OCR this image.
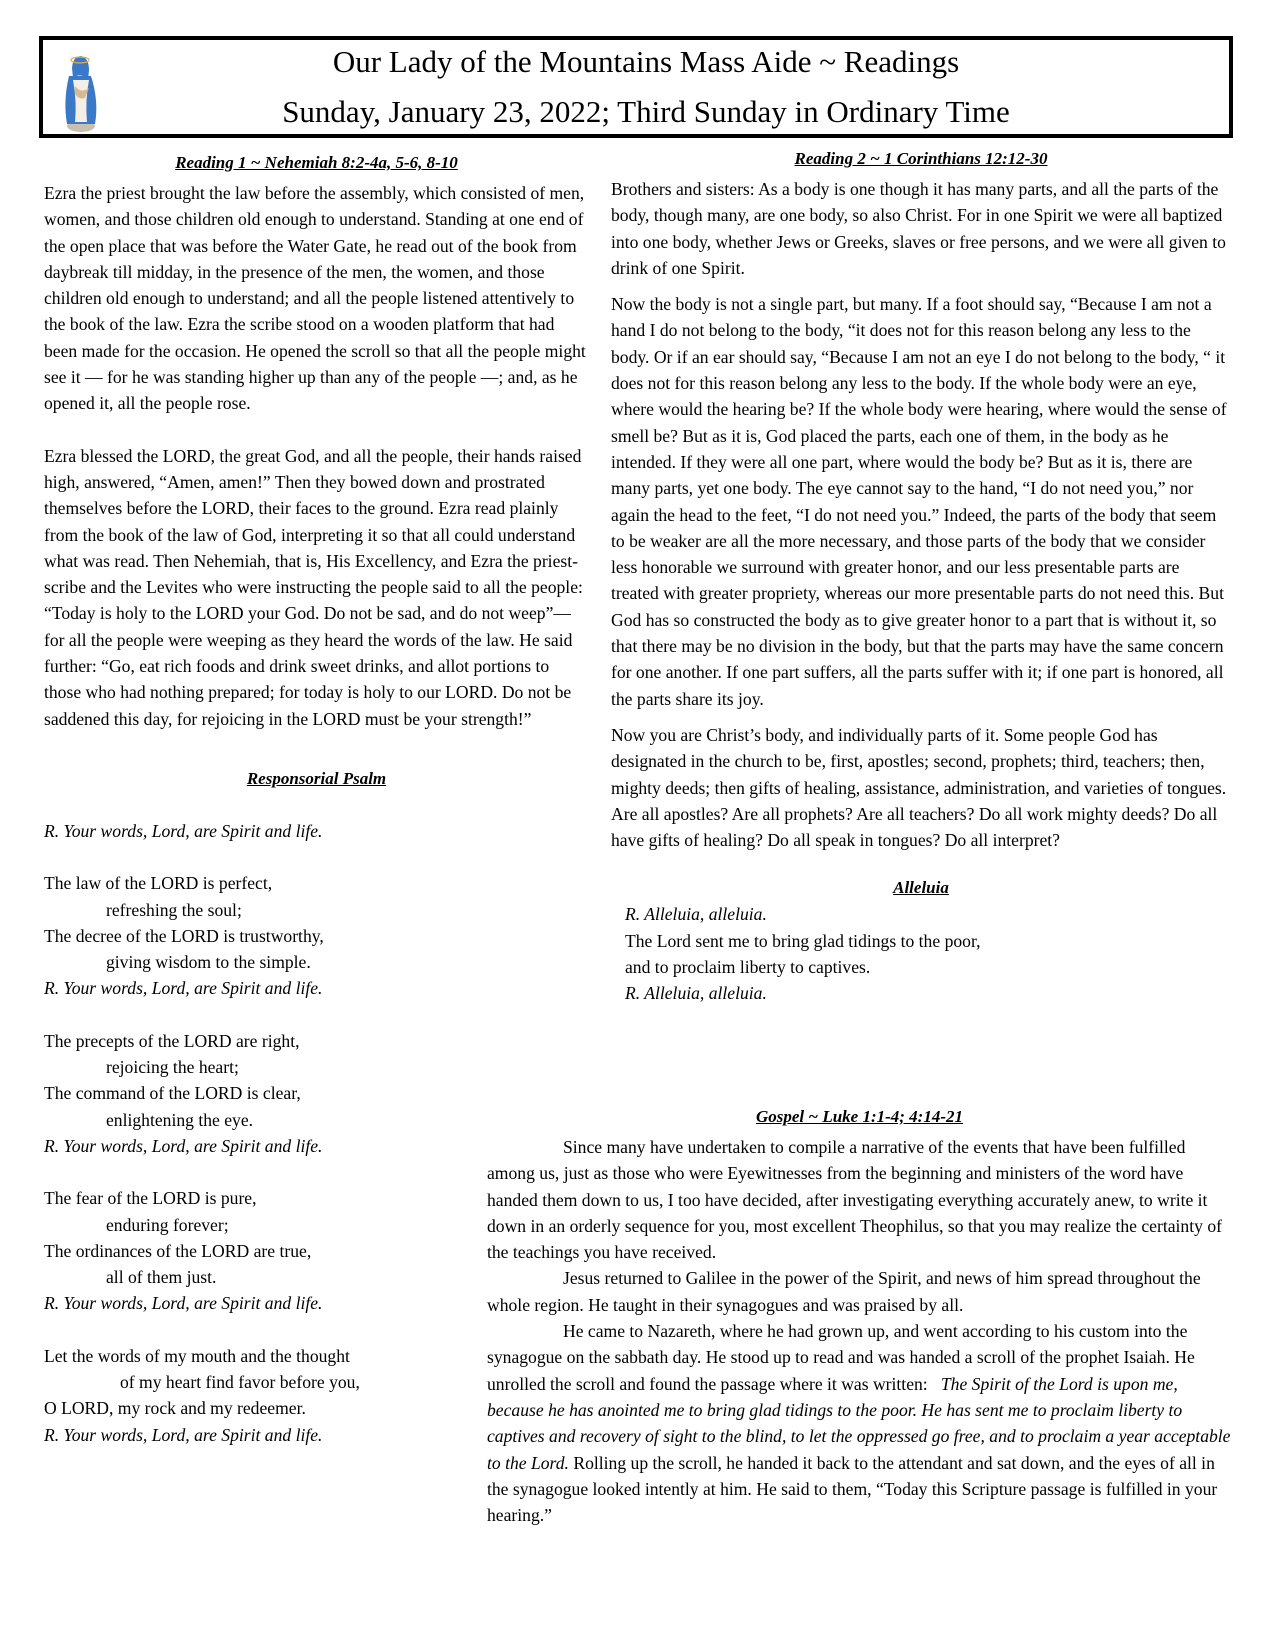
Our Lady of the Mountains Mass Aide ~ Readings
Sunday, January 23, 2022; Third Sunday in Ordinary Time
Reading 1 ~ Nehemiah 8:2-4a, 5-6, 8-10

Ezra the priest brought the law before the assembly, which consisted of men, women, and those children old enough to understand. Standing at one end of the open place that was before the Water Gate, he read out of the book from daybreak till midday, in the presence of the men, the women, and those children old enough to understand; and all the people listened attentively to the book of the law. Ezra the scribe stood on a wooden platform that had been made for the occasion. He opened the scroll so that all the people might see it — for he was standing higher up than any of the people —; and, as he opened it, all the people rose.

Ezra blessed the LORD, the great God, and all the people, their hands raised high, answered, “Amen, amen!” Then they bowed down and prostrated themselves before the LORD, their faces to the ground. Ezra read plainly from the book of the law of God, interpreting it so that all could understand what was read. Then Nehemiah, that is, His Excellency, and Ezra the priest-scribe and the Levites who were instructing the people said to all the people: “Today is holy to the LORD your God. Do not be sad, and do not weep”— for all the people were weeping as they heard the words of the law. He said further: “Go, eat rich foods and drink sweet drinks, and allot portions to those who had nothing prepared; for today is holy to our LORD. Do not be saddened this day, for rejoicing in the LORD must be your strength!”

Responsorial Psalm

R. Your words, Lord, are Spirit and life.

The law of the LORD is perfect,

refreshing the soul;

The decree of the LORD is trustworthy,

giving wisdom to the simple.

R. Your words, Lord, are Spirit and life.

The precepts of the LORD are right,

rejoicing the heart;

The command of the LORD is clear,

enlightening the eye.

R. Your words, Lord, are Spirit and life.

The fear of the LORD is pure,

enduring forever;

The ordinances of the LORD are true,

all of them just.

R. Your words, Lord, are Spirit and life.

Let the words of my mouth and the thought

of my heart find favor before you,

O LORD, my rock and my redeemer.

R. Your words, Lord, are Spirit and life.

Reading 2 ~ 1 Corinthians 12:12-30

Brothers and sisters: As a body is one though it has many parts, and all the parts of the body, though many, are one body, so also Christ. For in one Spirit we were all baptized into one body, whether Jews or Greeks, slaves or free persons, and we were all given to drink of one Spirit.

Now the body is not a single part, but many. If a foot should say, “Because I am not a hand I do not belong to the body, “it does not for this reason belong any less to the body. Or if an ear should say, “Because I am not an eye I do not belong to the body, “ it does not for this reason belong any less to the body. If the whole body were an eye, where would the hearing be? If the whole body were hearing, where would the sense of smell be? But as it is, God placed the parts, each one of them, in the body as he intended. If they were all one part, where would the body be? But as it is, there are many parts, yet one body. The eye cannot say to the hand, “I do not need you,” nor again the head to the feet, “I do not need you.” Indeed, the parts of the body that seem to be weaker are all the more necessary, and those parts of the body that we consider less honorable we surround with greater honor, and our less presentable parts are treated with greater propriety, whereas our more presentable parts do not need this. But God has so constructed the body as to give greater honor to a part that is without it, so that there may be no division in the body, but that the parts may have the same concern for one another. If one part suffers, all the parts suffer with it; if one part is honored, all the parts share its joy.

Now you are Christ’s body, and individually parts of it. Some people God has designated in the church to be, first, apostles; second, prophets; third, teachers; then, mighty deeds; then gifts of healing, assistance, administration, and varieties of tongues. Are all apostles? Are all prophets? Are all teachers? Do all work mighty deeds? Do all have gifts of healing? Do all speak in tongues? Do all interpret?

Alleluia

R. Alleluia, alleluia.

The Lord sent me to bring glad tidings to the poor,

and to proclaim liberty to captives.

R. Alleluia, alleluia.

Gospel ~ Luke 1:1-4; 4:14-21

Since many have undertaken to compile a narrative of the events that have been fulfilled among us, just as those who were Eyewitnesses from the beginning and ministers of the word have handed them down to us, I too have decided, after investigating everything accurately anew, to write it down in an orderly sequence for you, most excellent Theophilus, so that you may realize the certainty of the teachings you have received.

Jesus returned to Galilee in the power of the Spirit, and news of him spread throughout the whole region. He taught in their synagogues and was praised by all.

He came to Nazareth, where he had grown up, and went according to his custom into the synagogue on the sabbath day. He stood up to read and was handed a scroll of the prophet Isaiah. He unrolled the scroll and found the passage where it was written:   The Spirit of the Lord is upon me, because he has anointed me to bring glad tidings to the poor. He has sent me to proclaim liberty to captives and recovery of sight to the blind, to let the oppressed go free, and to proclaim a year acceptable to the Lord. Rolling up the scroll, he handed it back to the attendant and sat down, and the eyes of all in the synagogue looked intently at him. He said to them, “Today this Scripture passage is fulfilled in your hearing.”
